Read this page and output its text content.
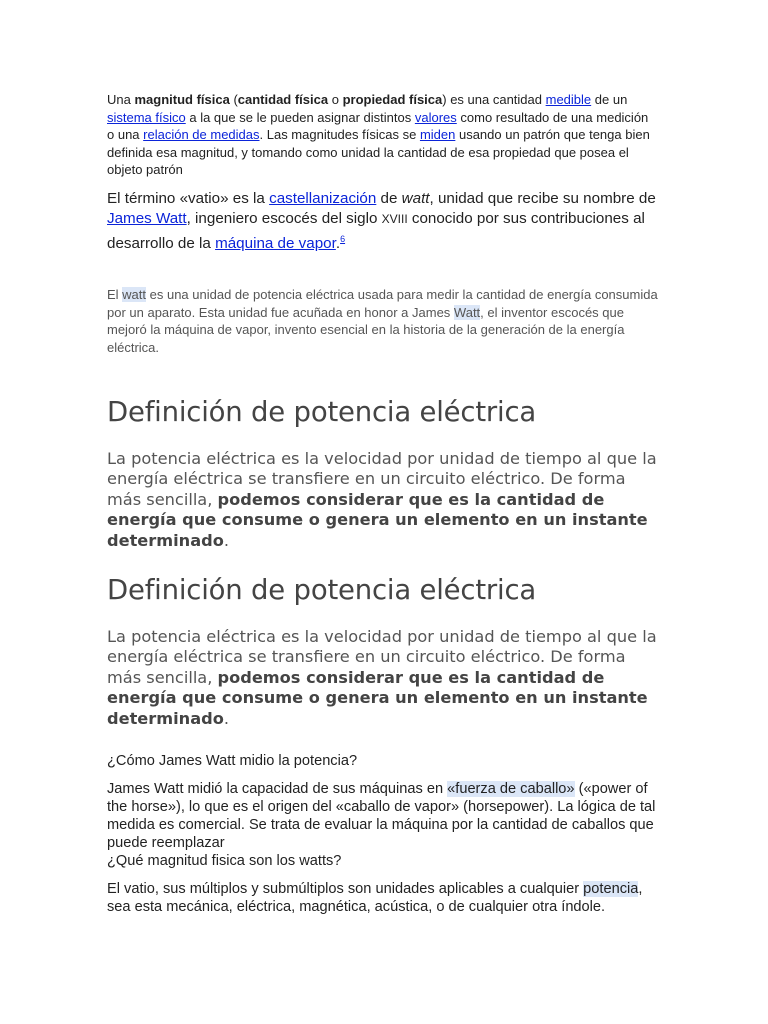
Una magnitud física (cantidad física o propiedad física) es una cantidad medible de un sistema físico a la que se le pueden asignar distintos valores como resultado de una medición o una relación de medidas. Las magnitudes físicas se miden usando un patrón que tenga bien definida esa magnitud, y tomando como unidad la cantidad de esa propiedad que posea el objeto patrón

El término «vatio» es la castellanización de watt, unidad que recibe su nombre de James Watt, ingeniero escocés del siglo XVIII conocido por sus contribuciones al desarrollo de la máquina de vapor.$^6$

El watt es una unidad de potencia eléctrica usada para medir la cantidad de energía consumida por un aparato. Esta unidad fue acuñada en honor a James Watt, el inventor escocés que mejoró la máquina de vapor, invento esencial en la historia de la generación de la energía eléctrica.

Definición de potencia eléctrica

La potencia eléctrica es la velocidad por unidad de tiempo al que la energía eléctrica se transfiere en un circuito eléctrico. De forma más sencilla, podemos considerar que es la cantidad de energía que consume o genera un elemento en un instante determinado.

Definición de potencia eléctrica

La potencia eléctrica es la velocidad por unidad de tiempo al que la energía eléctrica se transfiere en un circuito eléctrico. De forma más sencilla, podemos considerar que es la cantidad de energía que consume o genera un elemento en un instante determinado.

¿Cómo James Watt midio la potencia?

James Watt midió la capacidad de sus máquinas en «fuerza de caballo» («power of the horse»), lo que es el origen del «caballo de vapor» (horsepower). La lógica de tal medida es comercial. Se trata de evaluar la máquina por la cantidad de caballos que puede reemplazar

¿Qué magnitud fisica son los watts?

El vatio, sus múltiplos y submúltiplos son unidades aplicables a cualquier potencia, sea esta mecánica, eléctrica, magnética, acústica, o de cualquier otra índole.
